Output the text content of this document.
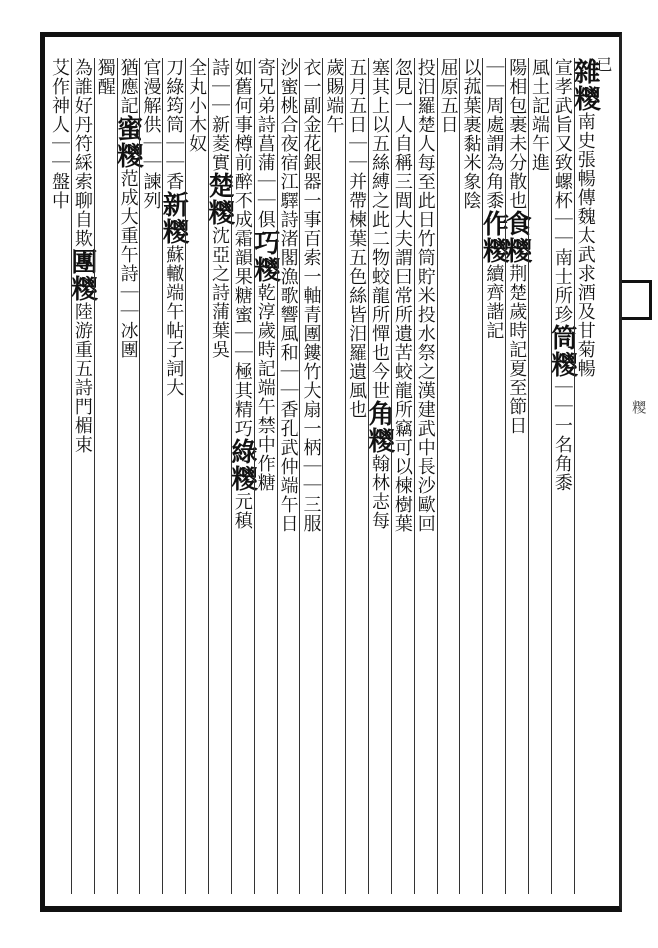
已
糭
雜糭南史張暢傳魏太武求酒及甘菊暢
宣孝武旨又致螺杯｜｜南士所珍筒糭｜｜一名角黍
風土記端午進
陽相包裹未分散也食糭荆楚歲時記夏至節日
｜｜周處謂為角黍作糭續齊諧記
以菰葉裹黏米象陰
屈原五日
投汨羅楚人每至此日竹筒貯米投水祭之漢建武中長沙歐回
忽見一人自稱三閭大夫謂曰常所遺苦蛟龍所竊可以楝樹葉
塞其上以五絲縛之此二物蛟龍所憚也今世角糭翰林志每
五月五日｜｜并帶楝葉五色絲皆汨羅遺風也
歲賜端午
衣一副金花銀器一事百索一軸青團鏤竹大扇一柄｜｜三服
沙蜜桃合夜宿江驛詩渚閣漁歌響風和｜｜香孔武仲端午日
寄兄弟詩菖蒲｜｜俱巧糭乾淳歲時記端午禁中作糖
如舊何事樽前醉不成霜韻果糖蜜｜｜極其精巧綠糭元稹
詩｜｜新菱實楚糭沈亞之詩蒲葉吳
全丸小木奴
刀綠筠筒｜｜香新糭蘇轍端午帖子詞大
官漫解供｜｜諫列
猶應記蜜糭范成大重午詩｜｜冰團
獨醒
為誰好丹符綵索聊自欺團糭陸游重五詩門楣束
艾作神人｜｜盤中
